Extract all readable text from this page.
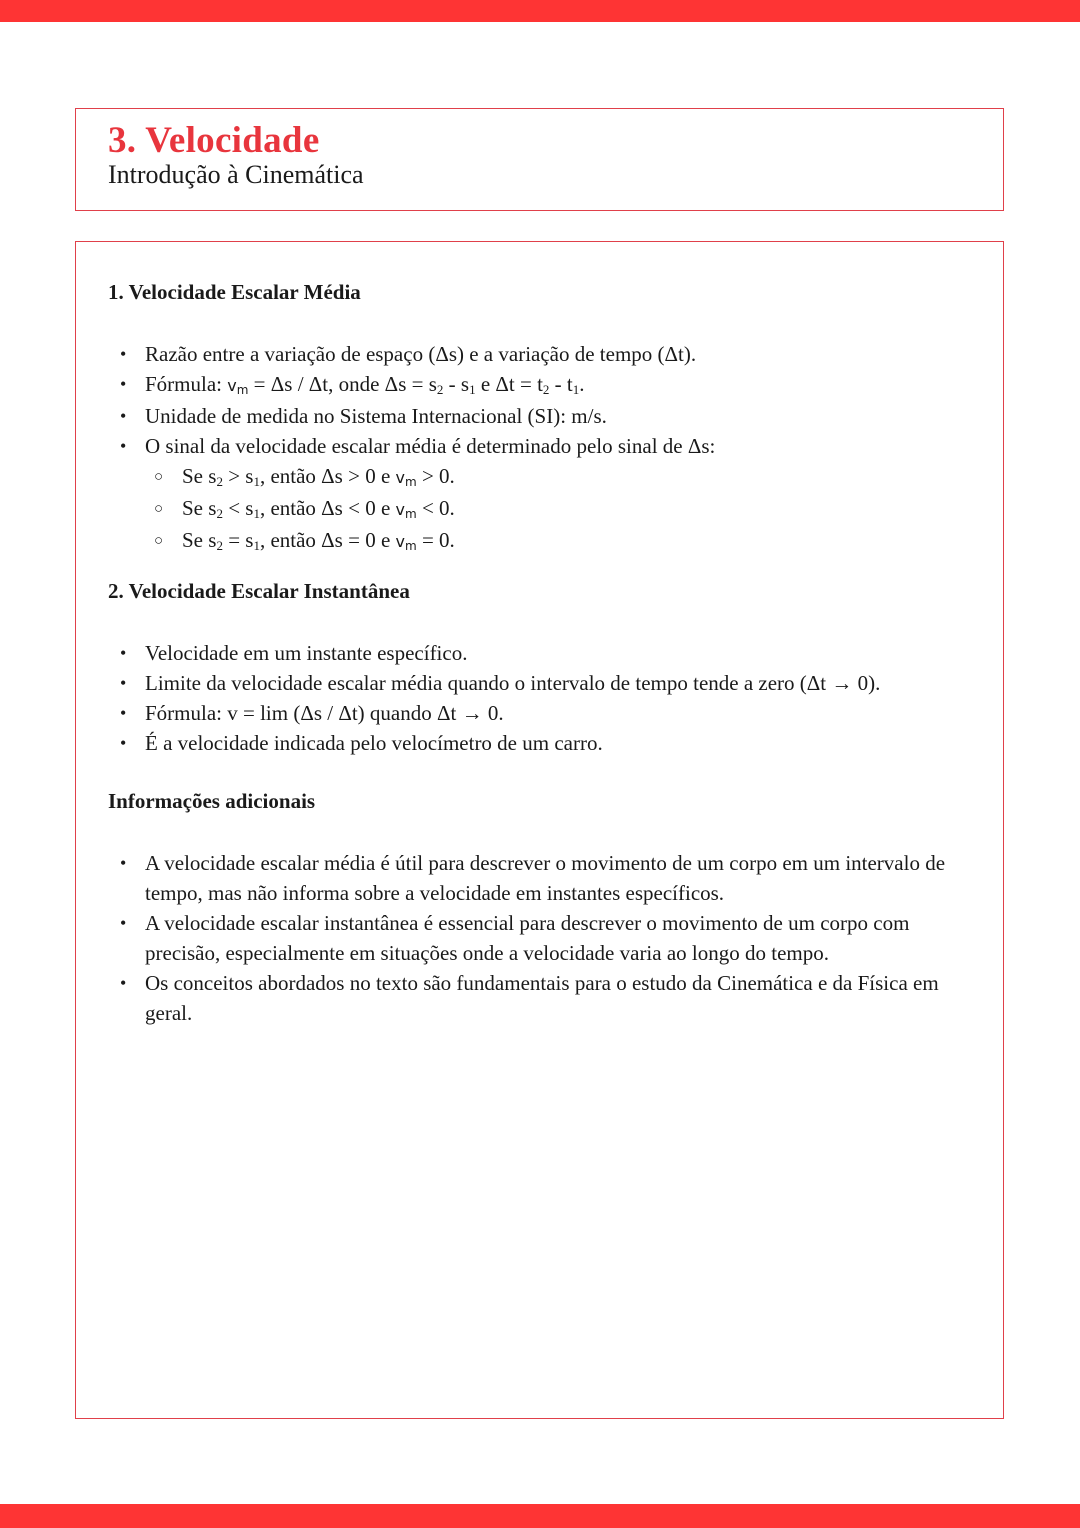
3. Velocidade

Introdução à Cinemática

1. Velocidade Escalar Média
• Razão entre a variação de espaço (Δs) e a variação de tempo (Δt).
• Fórmula: $v_m = \Delta s / \Delta t$, onde $\Delta s = s_2 - s_1$ e $\Delta t = t_2 - t_1$.
• Unidade de medida no Sistema Internacional (SI): m/s.
• O sinal da velocidade escalar média é determinado pelo sinal de Δs:
○ Se $s_2 > s_1$, então Δs > 0 e $v_m > 0$.
○ Se $s_2 < s_1$, então Δs < 0 e $v_m < 0$.
○ Se $s_2 = s_1$, então Δs = 0 e $v_m = 0$.
2. Velocidade Escalar Instantânea
• Velocidade em um instante específico.
• Limite da velocidade escalar média quando o intervalo de tempo tende a zero (Δt → 0).
• Fórmula: v = lim (Δs / Δt) quando Δt → 0.
• É a velocidade indicada pelo velocímetro de um carro.
Informações adicionais
• A velocidade escalar média é útil para descrever o movimento de um corpo em um intervalo de tempo, mas não informa sobre a velocidade em instantes específicos.
• A velocidade escalar instantânea é essencial para descrever o movimento de um corpo com precisão, especialmente em situações onde a velocidade varia ao longo do tempo.
• Os conceitos abordados no texto são fundamentais para o estudo da Cinemática e da Física em geral.
